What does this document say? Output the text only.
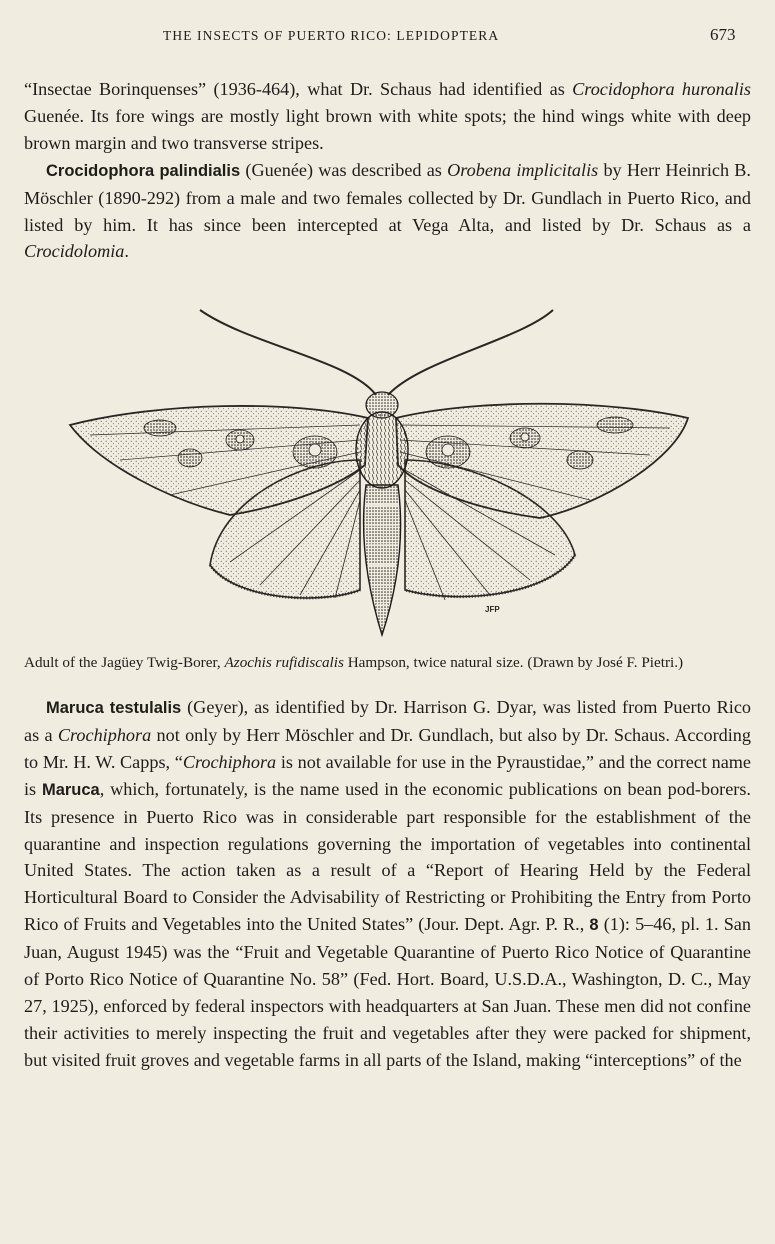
THE INSECTS OF PUERTO RICO: LEPIDOPTERA	673

“Insectae Borinquenses” (1936-464), what Dr. Schaus had identified as Crocidophora huronalis Guenée. Its fore wings are mostly light brown with white spots; the hind wings white with deep brown margin and two transverse stripes.

Crocidophora palindialis (Guenée) was described as Orobena implicitalis by Herr Heinrich B. Möschler (1890-292) from a male and two females collected by Dr. Gundlach in Puerto Rico, and listed by him. It has since been intercepted at Vega Alta, and listed by Dr. Schaus as a Crocidolomia.

JFP
Adult of the Jagüey Twig-Borer, Azochis rufidiscalis Hampson, twice natural size. (Drawn by José F. Pietri.)

Maruca testulalis (Geyer), as identified by Dr. Harrison G. Dyar, was listed from Puerto Rico as a Crochiphora not only by Herr Möschler and Dr. Gundlach, but also by Dr. Schaus. According to Mr. H. W. Capps, “Crochiphora is not available for use in the Pyraustidae,” and the correct name is Maruca, which, fortunately, is the name used in the economic publications on bean pod-borers. Its presence in Puerto Rico was in considerable part responsible for the establishment of the quarantine and inspection regulations governing the importation of vegetables into continental United States. The action taken as a result of a “Report of Hearing Held by the Federal Horticultural Board to Consider the Advisability of Restricting or Prohibiting the Entry from Porto Rico of Fruits and Vegetables into the United States” (Jour. Dept. Agr. P. R., 8 (1): 5–46, pl. 1. San Juan, August 1945) was the “Fruit and Vegetable Quarantine of Puerto Rico Notice of Quarantine of Porto Rico Notice of Quarantine No. 58” (Fed. Hort. Board, U.S.D.A., Washington, D. C., May 27, 1925), enforced by federal inspectors with headquarters at San Juan. These men did not confine their activities to merely inspecting the fruit and vegetables after they were packed for shipment, but visited fruit groves and vegetable farms in all parts of the Island, making “interceptions” of the
